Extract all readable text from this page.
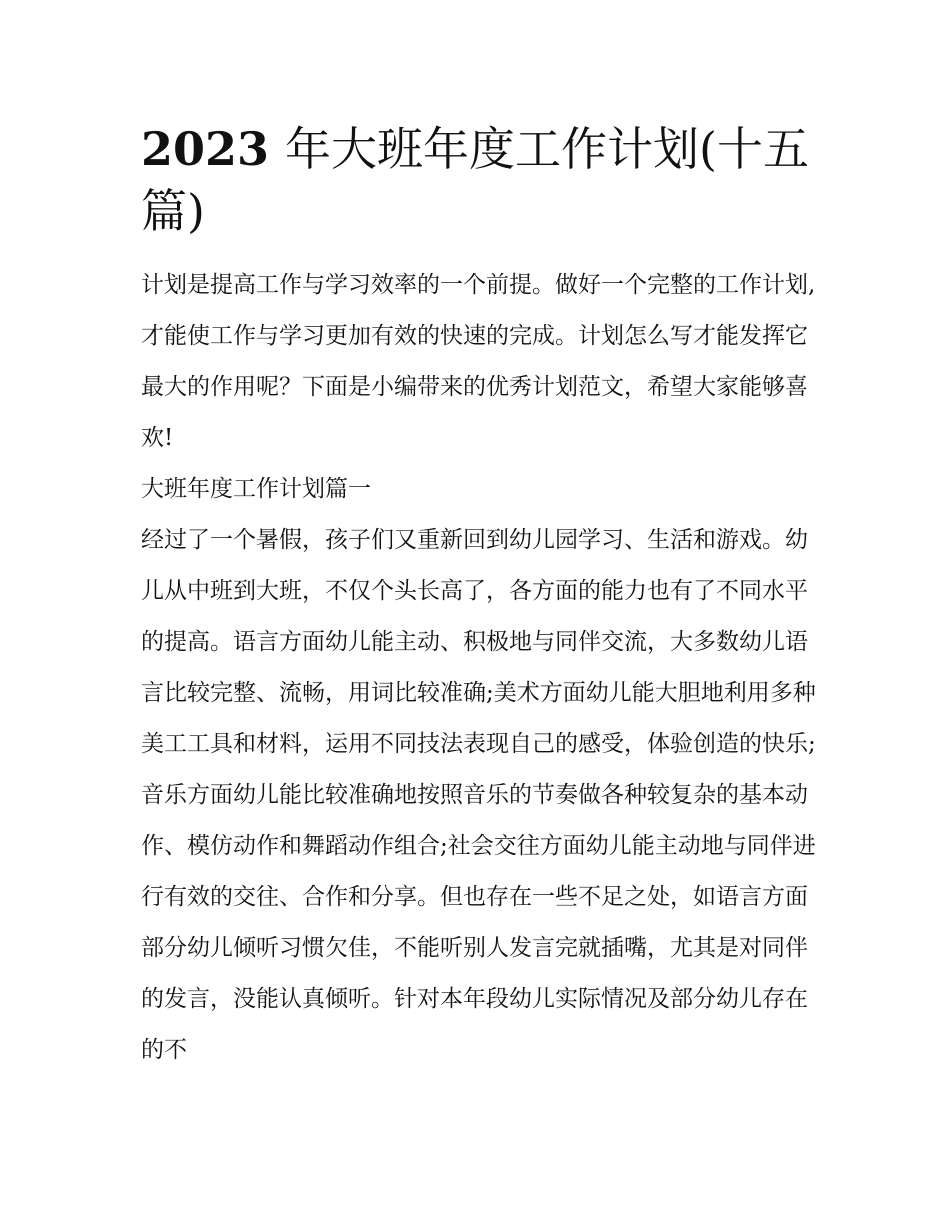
2023 年大班年度工作计划(十五篇)

计划是提高工作与学习效率的一个前提。做好一个完整的工作计划,才能使工作与学习更加有效的快速的完成。计划怎么写才能发挥它最大的作用呢？下面是小编带来的优秀计划范文，希望大家能够喜欢!

大班年度工作计划篇一

经过了一个暑假，孩子们又重新回到幼儿园学习、生活和游戏。幼儿从中班到大班，不仅个头长高了，各方面的能力也有了不同水平的提高。语言方面幼儿能主动、积极地与同伴交流，大多数幼儿语言比较完整、流畅，用词比较准确;美术方面幼儿能大胆地利用多种美工工具和材料，运用不同技法表现自己的感受，体验创造的快乐;音乐方面幼儿能比较准确地按照音乐的节奏做各种较复杂的基本动作、模仿动作和舞蹈动作组合;社会交往方面幼儿能主动地与同伴进行有效的交往、合作和分享。但也存在一些不足之处，如语言方面部分幼儿倾听习惯欠佳，不能听别人发言完就插嘴，尤其是对同伴的发言，没能认真倾听。针对本年段幼儿实际情况及部分幼儿存在的不
